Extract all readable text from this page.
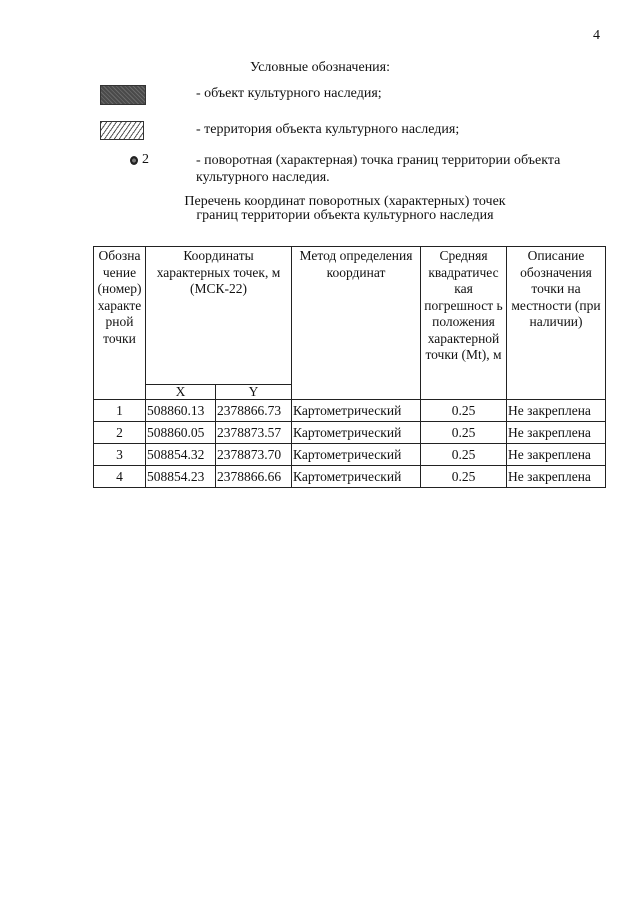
4
Условные обозначения:
- объект культурного наследия;
- территория объекта культурного наследия;
2	- поворотная (характерная) точка границ территории объекта культурного наследия.
Перечень координат поворотных (характерных) точек
границ территории объекта культурного наследия
Обозна чение (номер) характе рной точки	Координаты характерных точек, м (МСК-22)		Метод определения координат	Средняя квадратичес кая погрешност ь положения характерной точки (Mt), м	Описание обозначения точки на местности (при наличии)
	X	Y			
1	508860.13	2378866.73	Картометрический	0.25	Не закреплена
2	508860.05	2378873.57	Картометрический	0.25	Не закреплена
3	508854.32	2378873.70	Картометрический	0.25	Не закреплена
4	508854.23	2378866.66	Картометрический	0.25	Не закреплена
